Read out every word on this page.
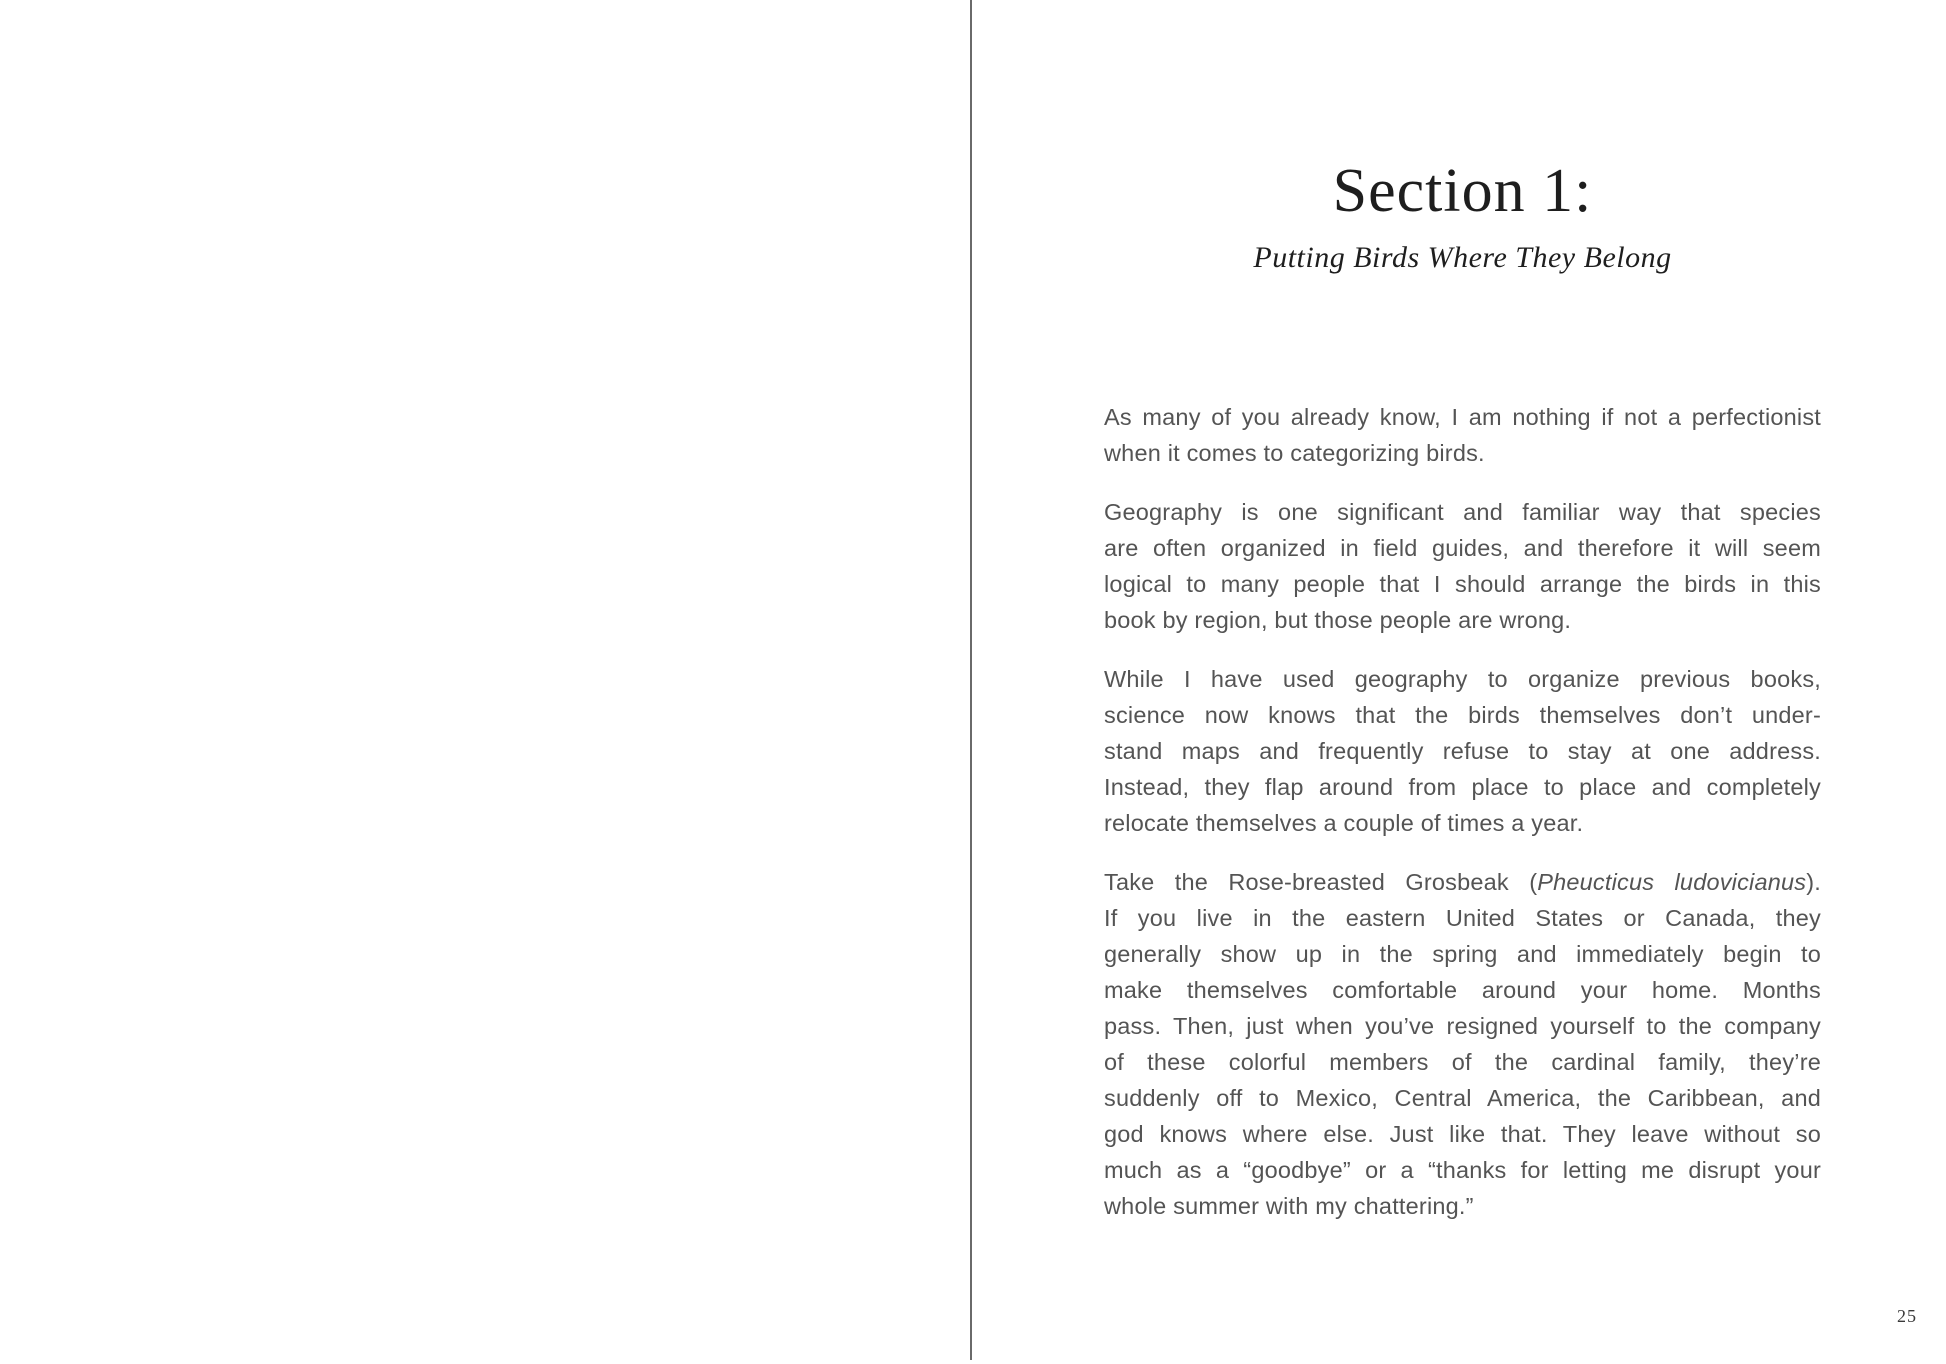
Section 1:
Putting Birds Where They Belong
As many of you already know, I am nothing if not a perfectionist
when it comes to categorizing birds.
Geography is one significant and familiar way that species
are often organized in field guides, and therefore it will seem
logical to many people that I should arrange the birds in this
book by region, but those people are wrong.
While I have used geography to organize previous books,
science now knows that the birds themselves don’t under-
stand maps and frequently refuse to stay at one address.
Instead, they flap around from place to place and completely
relocate themselves a couple of times a year.
Take the Rose-breasted Grosbeak (Pheucticus ludovicianus).
If you live in the eastern United States or Canada, they
generally show up in the spring and immediately begin to
make themselves comfortable around your home. Months
pass. Then, just when you’ve resigned yourself to the company
of these colorful members of the cardinal family, they’re
suddenly off to Mexico, Central America, the Caribbean, and
god knows where else. Just like that. They leave without so
much as a “goodbye” or a “thanks for letting me disrupt your
whole summer with my chattering.”
25
